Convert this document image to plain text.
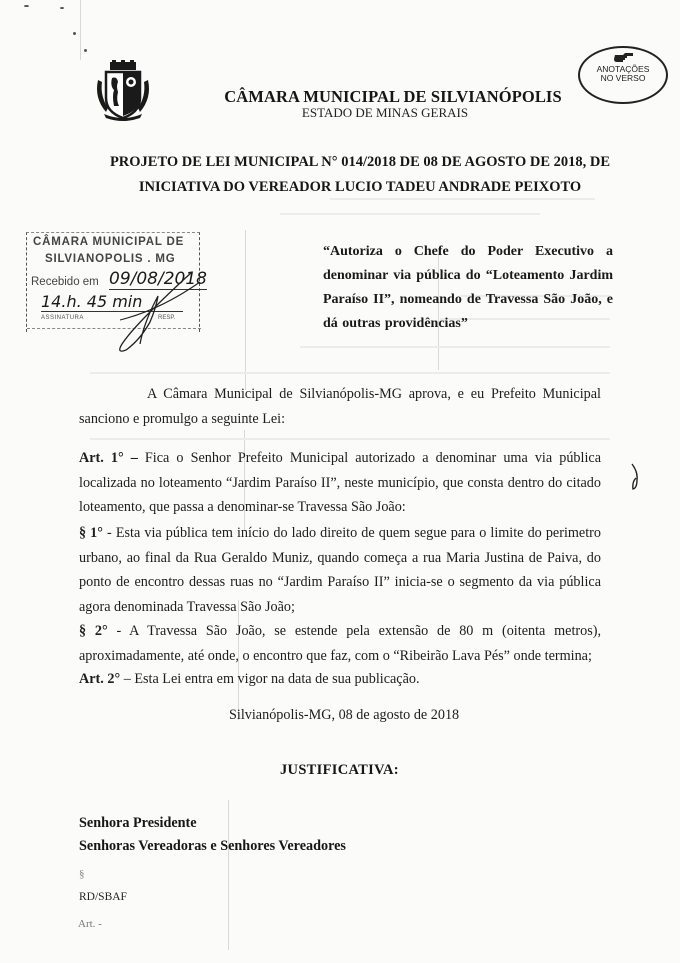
CÂMARA MUNICIPAL DE SILVIANÓPOLIS
ESTADO DE MINAS GERAIS
ANOTAÇÕES
NO VERSO
PROJETO DE LEI MUNICIPAL N° 014/2018 DE 08 DE AGOSTO DE 2018, DE
INICIATIVA DO VEREADOR LUCIO TADEU ANDRADE PEIXOTO
CÂMARA MUNICIPAL DE
SILVIANOPOLIS . MG
Recebido em 09/08/2018
14.h. 45 min
ASSINATURA	RESP.
“Autoriza o Chefe do Poder Executivo a denominar via pública do “Loteamento Jardim Paraíso II”, nomeando de Travessa São João, e dá outras providências”
A Câmara Municipal de Silvianópolis-MG aprova, e eu Prefeito Municipal sanciono e promulgo a seguinte Lei:
Art. 1° – Fica o Senhor Prefeito Municipal autorizado a denominar uma via pública localizada no loteamento “Jardim Paraíso II”, neste município, que consta dentro do citado loteamento, que passa a denominar-se Travessa São João:
§ 1° - Esta via pública tem início do lado direito de quem segue para o limite do perimetro urbano, ao final da Rua Geraldo Muniz, quando começa a rua Maria Justina de Paiva, do ponto de encontro dessas ruas no “Jardim Paraíso II” inicia-se o segmento da via pública agora denominada Travessa São João;
§ 2° - A Travessa São João, se estende pela extensão de 80 m (oitenta metros), aproximadamente, até onde, o encontro que faz, com o “Ribeirão Lava Pés” onde termina;
Art. 2° – Esta Lei entra em vigor na data de sua publicação.
Silvianópolis-MG, 08 de agosto de 2018
JUSTIFICATIVA:
Senhora Presidente
Senhoras Vereadoras e Senhores Vereadores
§
RD/SBAF
Art. -
